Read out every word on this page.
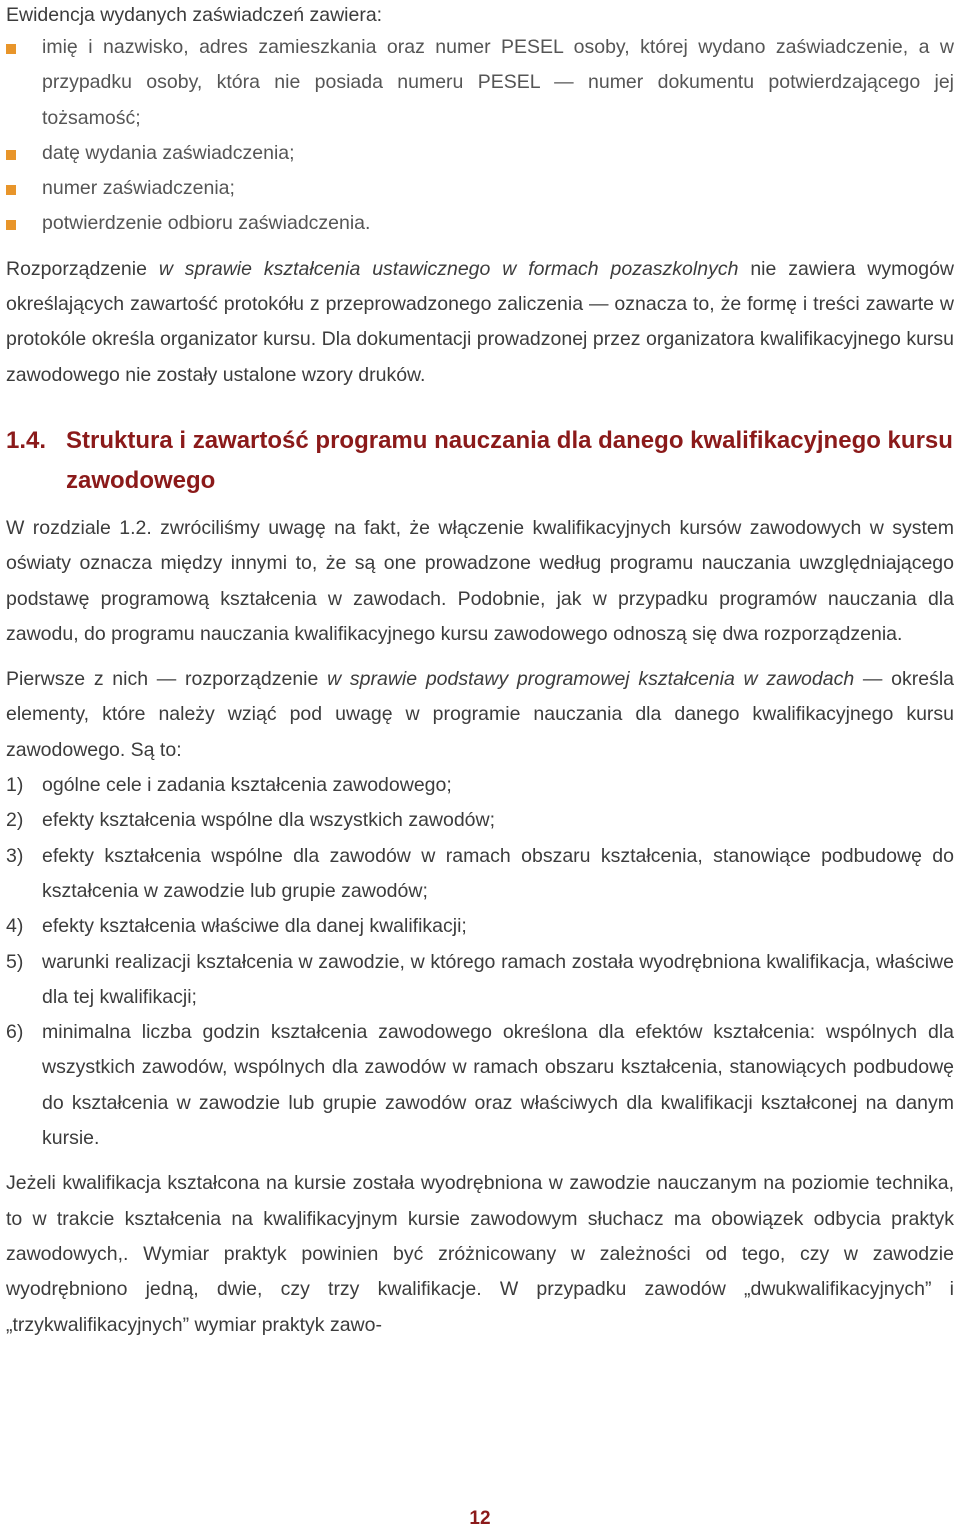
Ewidencja wydanych zaświadczeń zawiera:

imię i nazwisko, adres zamieszkania oraz numer PESEL osoby, której wydano zaświadczenie, a w przypadku osoby, która nie posiada numeru PESEL — numer dokumentu potwierdzającego jej tożsamość;
datę wydania zaświadczenia;
numer zaświadczenia;
potwierdzenie odbioru zaświadczenia.

Rozporządzenie w sprawie kształcenia ustawicznego w formach pozaszkolnych nie zawiera wymogów określających zawartość protokółu z przeprowadzonego zaliczenia — oznacza to, że formę i treści zawarte w protokóle określa organizator kursu. Dla dokumentacji prowadzonej przez organizatora kwalifikacyjnego kursu zawodowego nie zostały ustalone wzory druków.

1.4. Struktura i zawartość programu nauczania dla danego kwalifikacyjnego kursu zawodowego

W rozdziale 1.2. zwróciliśmy uwagę na fakt, że włączenie kwalifikacyjnych kursów zawodowych w system oświaty oznacza między innymi to, że są one prowadzone według programu nauczania uwzględniającego podstawę programową kształcenia w zawodach. Podobnie, jak w przypadku programów nauczania dla zawodu, do programu nauczania kwalifikacyjnego kursu zawodowego odnoszą się dwa rozporządzenia.

Pierwsze z nich — rozporządzenie w sprawie podstawy programowej kształcenia w zawodach — określa elementy, które należy wziąć pod uwagę w programie nauczania dla danego kwalifikacyjnego kursu zawodowego. Są to:

1) ogólne cele i zadania kształcenia zawodowego;
2) efekty kształcenia wspólne dla wszystkich zawodów;
3) efekty kształcenia wspólne dla zawodów w ramach obszaru kształcenia, stanowiące podbudowę do kształcenia w zawodzie lub grupie zawodów;
4) efekty kształcenia właściwe dla danej kwalifikacji;
5) warunki realizacji kształcenia w zawodzie, w którego ramach została wyodrębniona kwalifikacja, właściwe dla tej kwalifikacji;
6) minimalna liczba godzin kształcenia zawodowego określona dla efektów kształcenia: wspólnych dla wszystkich zawodów, wspólnych dla zawodów w ramach obszaru kształcenia, stanowiących podbudowę do kształcenia w zawodzie lub grupie zawodów oraz właściwych dla kwalifikacji kształconej na danym kursie.

Jeżeli kwalifikacja kształcona na kursie została wyodrębniona w zawodzie nauczanym na poziomie technika, to w trakcie kształcenia na kwalifikacyjnym kursie zawodowym słuchacz ma obowiązek odbycia praktyk zawodowych,. Wymiar praktyk powinien być zróżnicowany w zależności od tego, czy w zawodzie wyodrębniono jedną, dwie, czy trzy kwalifikacje. W przypadku zawodów „dwukwalifikacyjnych” i „trzykwalifikacyjnych” wymiar praktyk zawo-

12
